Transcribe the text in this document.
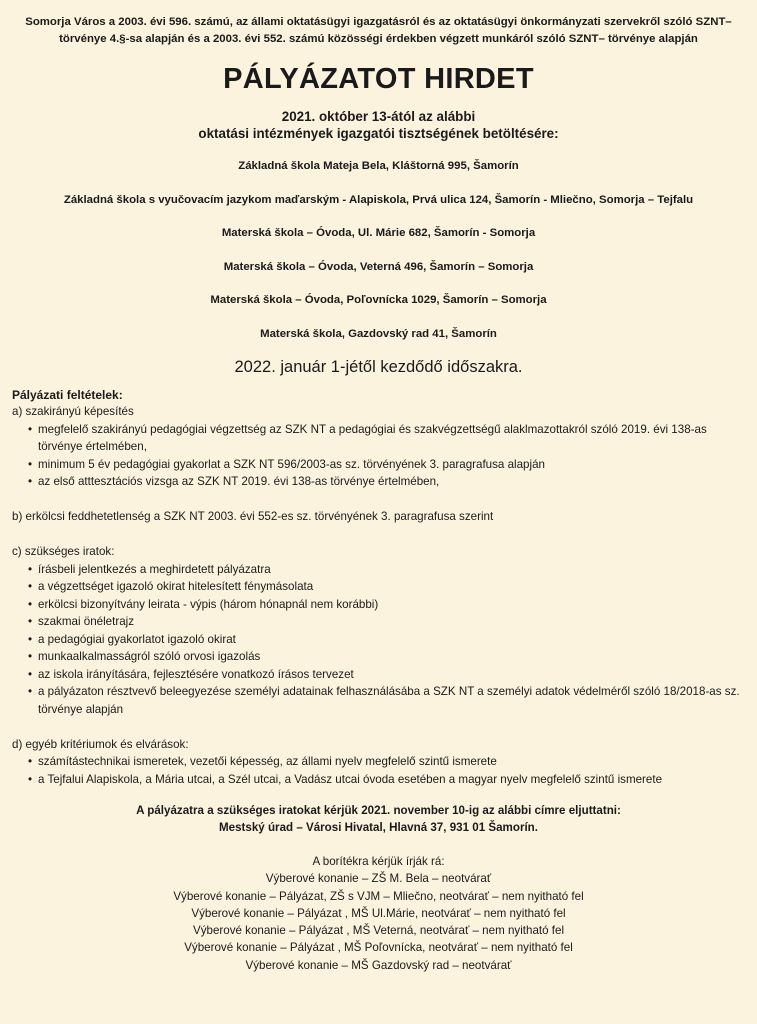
Somorja Város a 2003. évi 596. számú, az állami oktatásügyi igazgatásról és az oktatásügyi önkormányzati szervekről szóló SZNT– törvénye 4.§-sa alapján és a 2003. évi 552. számú közösségi érdekben végzett munkáról szóló SZNT– törvénye alapján
PÁLYÁZATOT HIRDET
2021. október 13-ától az alábbi
oktatási intézmények igazgatói tisztségének betöltésére:
Základná škola Mateja Bela, Kláštorná 995, Šamorín
Základná škola s vyučovacím jazykom maďarským - Alapiskola, Prvá ulica 124, Šamorín - Mliečno, Somorja – Tejfalu
Materská škola – Óvoda, Ul. Márie 682, Šamorín - Somorja
Materská škola – Óvoda, Veterná 496, Šamorín – Somorja
Materská škola – Óvoda, Poľovnícka 1029, Šamorín – Somorja
Materská škola, Gazdovský rad 41, Šamorín
2022. január 1-jétől kezdődő időszakra.
Pályázati feltételek:
a) szakirányú képesítés
• megfelelő szakirányú pedagógiai végzettség az SZK NT a pedagógiai és szakvégzettségű alaklmazottakról szóló 2019. évi 138-as törvénye értelmében,
• minimum 5 év pedagógiai gyakorlat a SZK NT 596/2003-as sz. törvényének 3. paragrafusa alapján
• az első atttesztációs vizsga az SZK NT 2019. évi 138-as törvénye értelmében,
b) erkölcsi feddhetetlenség a SZK NT 2003. évi 552-es sz. törvényének 3. paragrafusa szerint
c) szükséges iratok:
• írásbeli jelentkezés a meghirdetett pályázatra
• a végzettséget igazoló okirat hitelesített fénymásolata
• erkölcsi bizonyítvány leirata - výpis (három hónapnál nem korábbi)
• szakmai önéletrajz
• a pedagógiai gyakorlatot igazoló okirat
• munkaalkalmasságról szóló orvosi igazolás
• az iskola irányítására, fejlesztésére vonatkozó írásos tervezet
• a pályázaton résztvevő beleegyezése személyi adatainak felhasználásába a SZK NT a személyi adatok védelméről szóló 18/2018-as sz. törvénye alapján
d) egyéb kritériumok és elvárások:
• számítástechnikai ismeretek, vezetői képesség, az állami nyelv megfelelő szintű ismerete
• a Tejfalui Alapiskola, a Mária utcai, a Szél utcai, a Vadász utcai óvoda esetében a magyar nyelv megfelelő szintű ismerete
A pályázatra a szükséges iratokat kérjük 2021. november 10-ig az alábbi címre eljuttatni:
Mestský úrad – Városi Hivatal, Hlavná 37, 931 01 Šamorín.
A borítékra kérjük írják rá:
Výberové konanie – ZŠ M. Bela – neotvárať
Výberové konanie – Pályázat, ZŠ s VJM – Mliečno, neotvárať – nem nyitható fel
Výberové konanie – Pályázat , MŠ Ul.Márie, neotvárať – nem nyitható fel
Výberové konanie – Pályázat , MŠ Veterná, neotvárať – nem nyitható fel
Výberové konanie – Pályázat , MŠ Poľovnícka, neotvárať – nem nyitható fel
Výberové konanie – MŠ Gazdovský rad – neotvárať
